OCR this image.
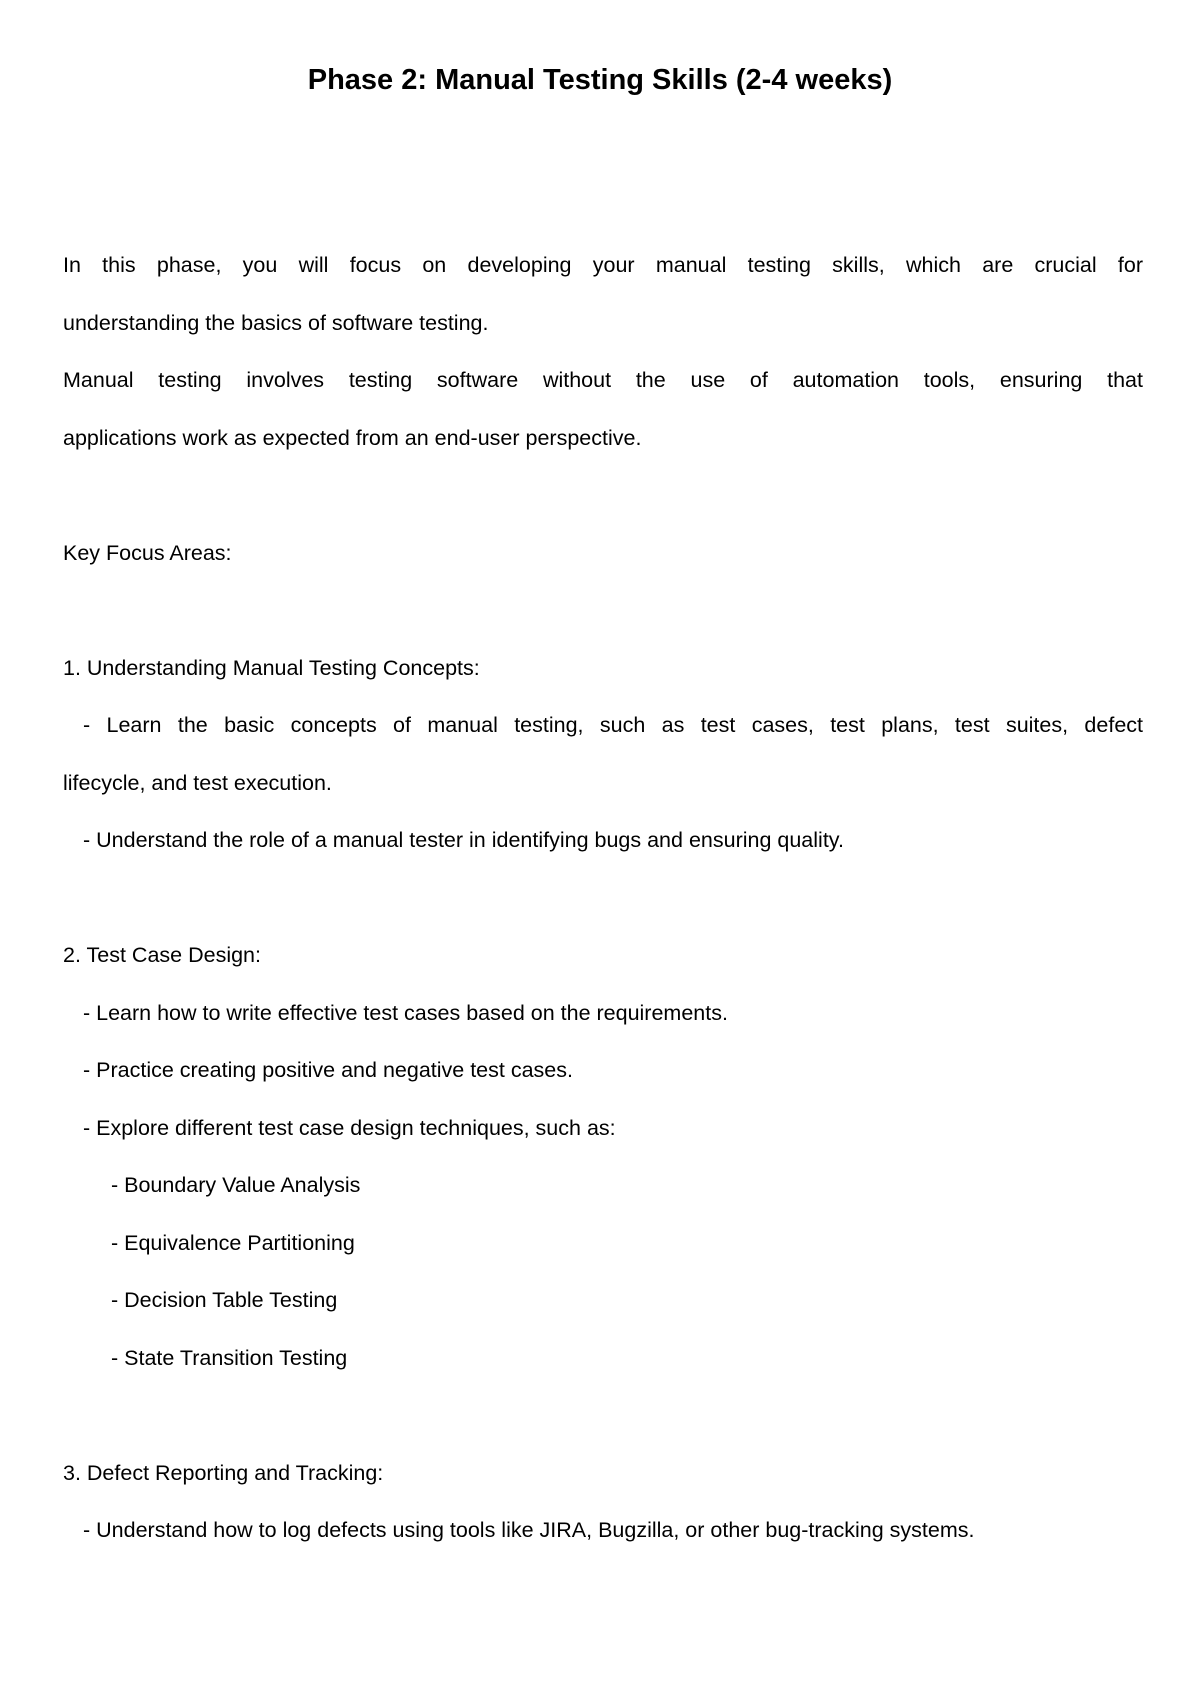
Phase 2: Manual Testing Skills (2-4 weeks)
In this phase, you will focus on developing your manual testing skills, which are crucial for
understanding the basics of software testing.
Manual testing involves testing software without the use of automation tools, ensuring that
applications work as expected from an end-user perspective.
Key Focus Areas:
1. Understanding Manual Testing Concepts:
- Learn the basic concepts of manual testing, such as test cases, test plans, test suites, defect
lifecycle, and test execution.
- Understand the role of a manual tester in identifying bugs and ensuring quality.
2. Test Case Design:
- Learn how to write effective test cases based on the requirements.
- Practice creating positive and negative test cases.
- Explore different test case design techniques, such as:
- Boundary Value Analysis
- Equivalence Partitioning
- Decision Table Testing
- State Transition Testing
3. Defect Reporting and Tracking:
- Understand how to log defects using tools like JIRA, Bugzilla, or other bug-tracking systems.
